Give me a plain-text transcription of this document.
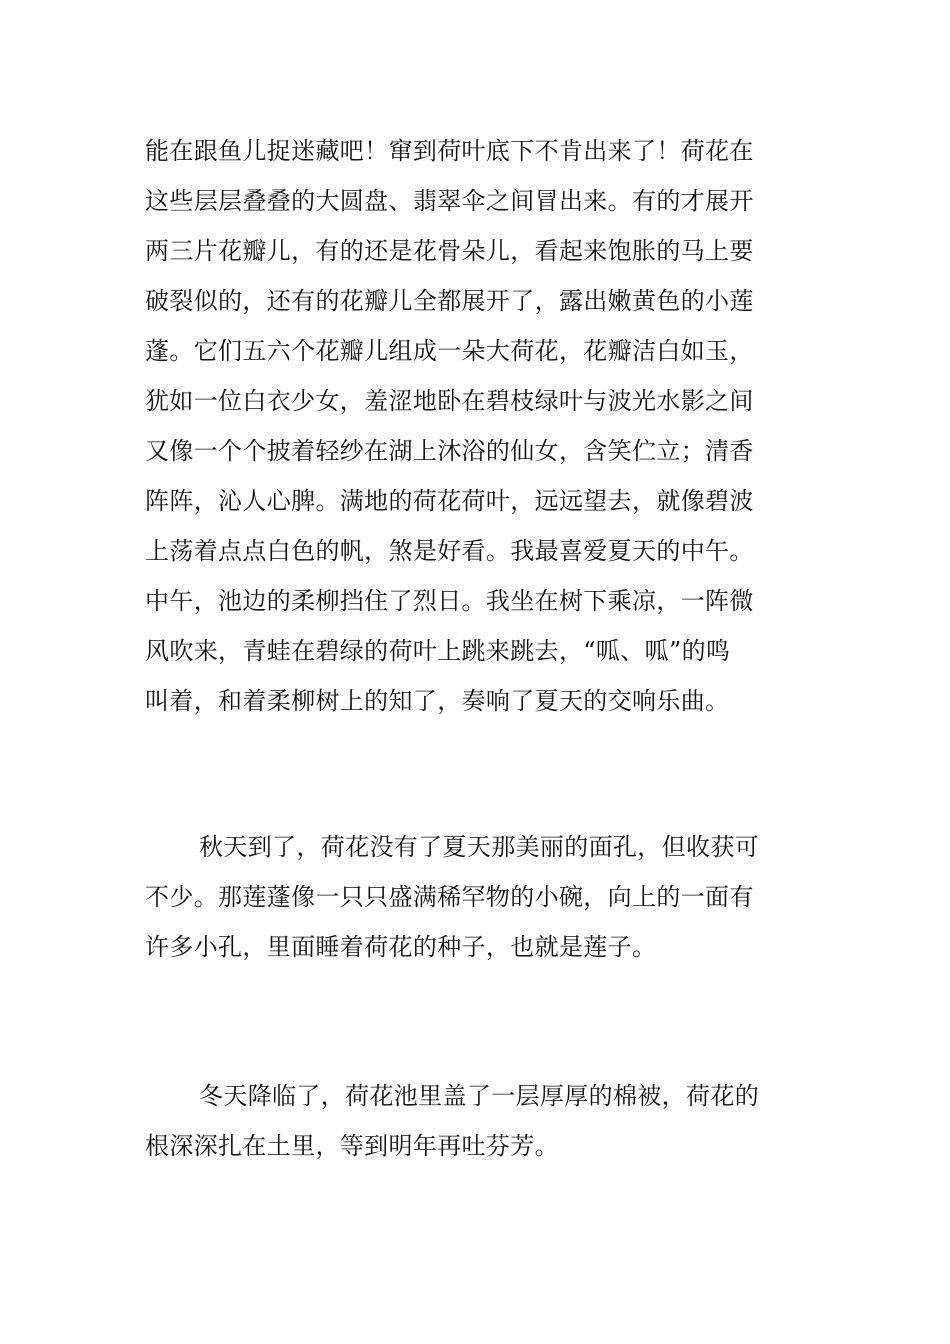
能在跟鱼儿捉迷藏吧！窜到荷叶底下不肯出来了！荷花在
这些层层叠叠的大圆盘、翡翠伞之间冒出来。有的才展开
两三片花瓣儿，有的还是花骨朵儿，看起来饱胀的马上要
破裂似的，还有的花瓣儿全都展开了，露出嫩黄色的小莲
蓬。它们五六个花瓣儿组成一朵大荷花，花瓣洁白如玉，
犹如一位白衣少女，羞涩地卧在碧枝绿叶与波光水影之间
又像一个个披着轻纱在湖上沐浴的仙女，含笑伫立；清香
阵阵，沁人心脾。满地的荷花荷叶，远远望去，就像碧波
上荡着点点白色的帆，煞是好看。我最喜爱夏天的中午。
中午，池边的柔柳挡住了烈日。我坐在树下乘凉，一阵微
风吹来，青蛙在碧绿的荷叶上跳来跳去，“呱、呱”的鸣
叫着，和着柔柳树上的知了，奏响了夏天的交响乐曲。
秋天到了，荷花没有了夏天那美丽的面孔，但收获可
不少。那莲蓬像一只只盛满稀罕物的小碗，向上的一面有
许多小孔，里面睡着荷花的种子，也就是莲子。
冬天降临了，荷花池里盖了一层厚厚的棉被，荷花的
根深深扎在土里，等到明年再吐芬芳。
